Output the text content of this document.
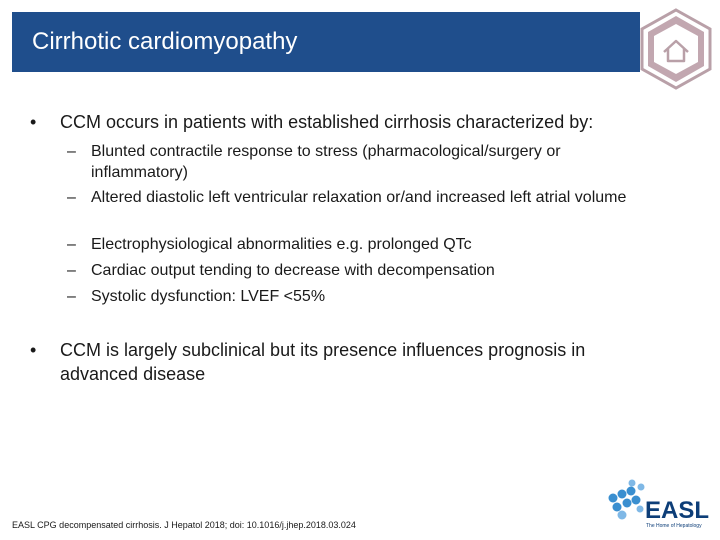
Cirrhotic cardiomyopathy
• CCM occurs in patients with established cirrhosis characterized by:
– Blunted contractile response to stress (pharmacological/surgery or inflammatory)
– Altered diastolic left ventricular relaxation or/and increased left atrial volume
– Electrophysiological abnormalities e.g. prolonged QTc
– Cardiac output tending to decrease with decompensation
– Systolic dysfunction: LVEF <55%
• CCM is largely subclinical but its presence influences prognosis in advanced disease
EASL CPG decompensated cirrhosis. J Hepatol 2018; doi: 10.1016/j.jhep.2018.03.024
EASL
The Home of Hepatology
